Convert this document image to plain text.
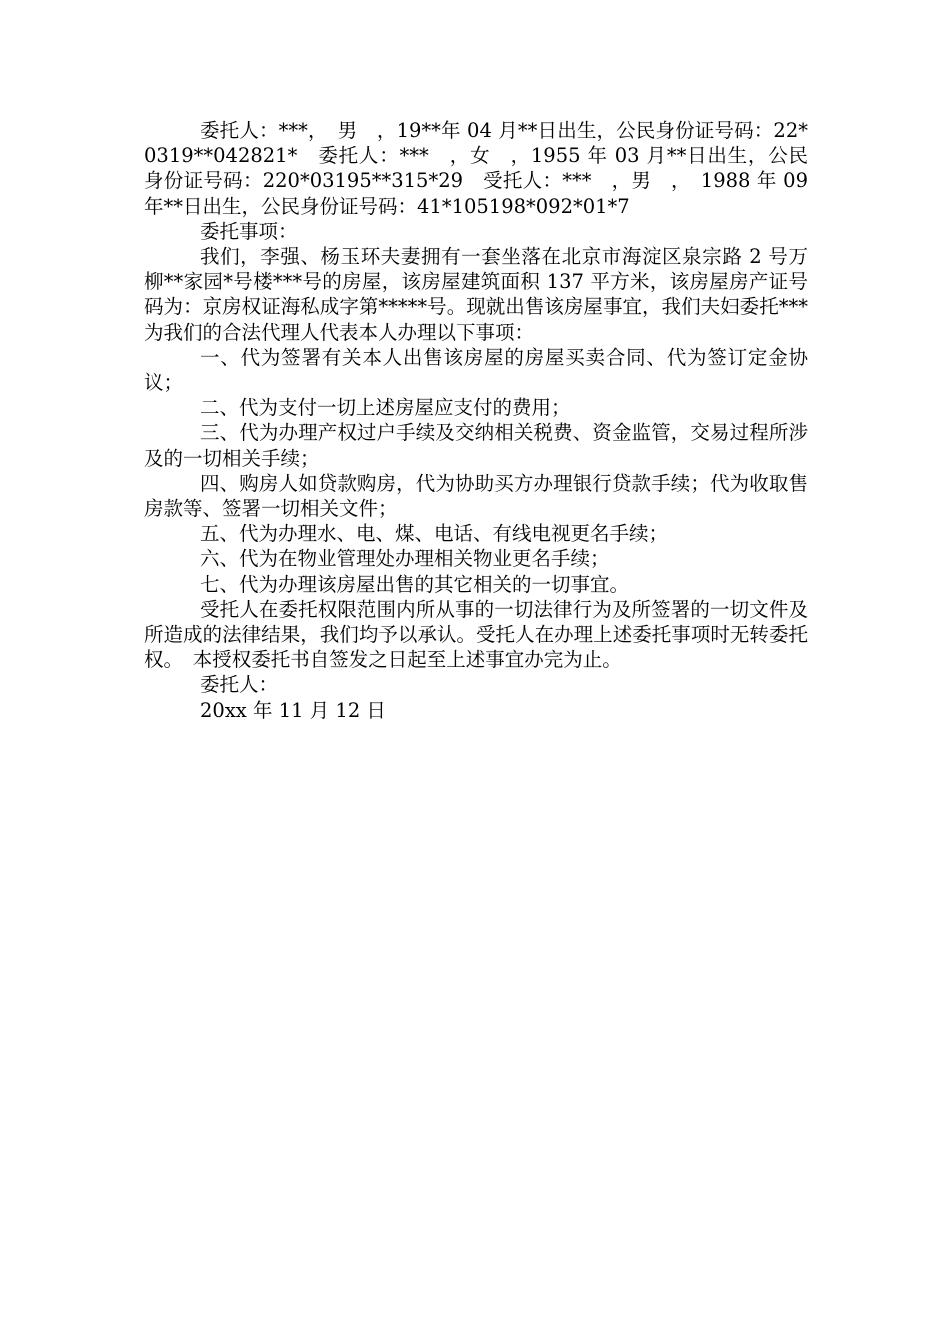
委托人：***，　男　，19**年 04 月**日出生，公民身份证号码：22*0319**042821*　委托人：***　，女　，1955 年 03 月**日出生，公民身份证号码：220*03195**315*29　受托人：***　，男　，　1988 年 09 年**日出生，公民身份证号码：41*105198*092*01*7

委托事项：

我们，李强、杨玉环夫妻拥有一套坐落在北京市海淀区泉宗路 2 号万柳**家园*号楼***号的房屋，该房屋建筑面积 137 平方米，该房屋房产证号码为：京房权证海私成字第*****号。现就出售该房屋事宜，我们夫妇委托***为我们的合法代理人代表本人办理以下事项：

一、代为签署有关本人出售该房屋的房屋买卖合同、代为签订定金协议；

二、代为支付一切上述房屋应支付的费用；

三、代为办理产权过户手续及交纳相关税费、资金监管，交易过程所涉及的一切相关手续；

四、购房人如贷款购房，代为协助买方办理银行贷款手续；代为收取售房款等、签署一切相关文件；

五、代为办理水、电、煤、电话、有线电视更名手续；

六、代为在物业管理处办理相关物业更名手续；

七、代为办理该房屋出售的其它相关的一切事宜。

受托人在委托权限范围内所从事的一切法律行为及所签署的一切文件及所造成的法律结果，我们均予以承认。受托人在办理上述委托事项时无转委托权。　本授权委托书自签发之日起至上述事宜办完为止。

委托人：

20xx 年 11 月 12 日
